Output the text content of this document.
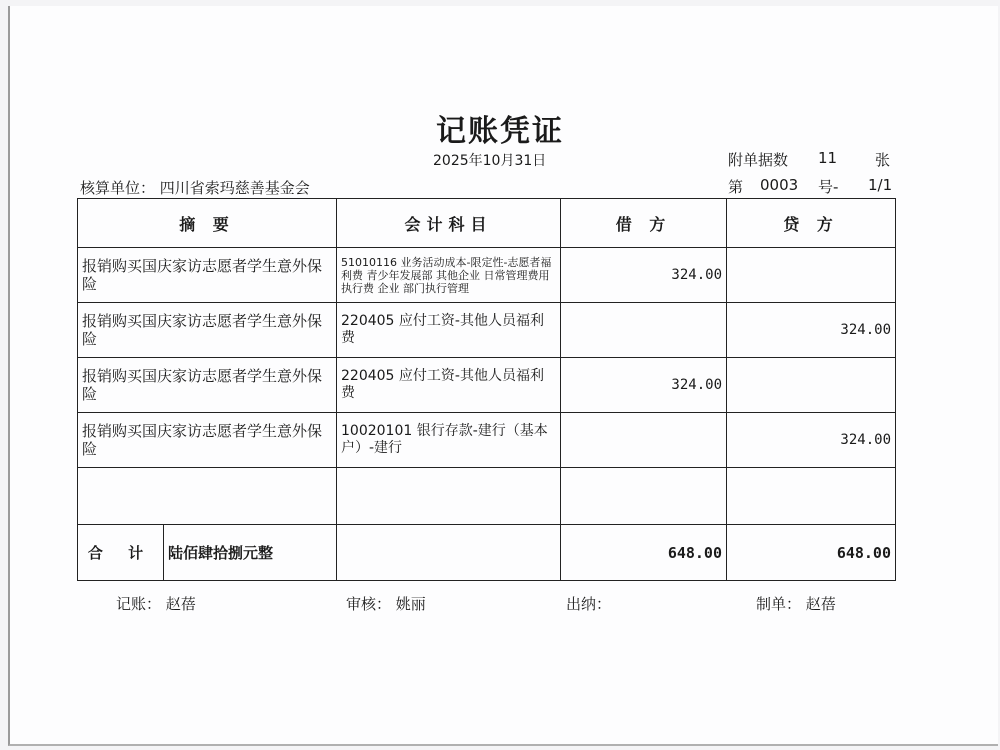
记账凭证
2025年10月31日	附单据数 11	张
核算单位： 四川省索玛慈善基金会	第 0003 号- 1/1
摘 要	会计科目	借 方	贷 方
报销购买国庆家访志愿者学生意外保险	51010116 业务活动成本-限定性-志愿者福利费 青少年发展部 其他企业 日常管理费用 执行费 企业 部门执行管理	324.00	
报销购买国庆家访志愿者学生意外保险	220405 应付工资-其他人员福利费		324.00
报销购买国庆家访志愿者学生意外保险	220405 应付工资-其他人员福利费	324.00	
报销购买国庆家访志愿者学生意外保险	10020101 银行存款-建行（基本户）-建行		324.00

合 计 陆佰肆拾捌元整		648.00	648.00
记账： 赵蓓	审核： 姚丽	出纳：	制单： 赵蓓
